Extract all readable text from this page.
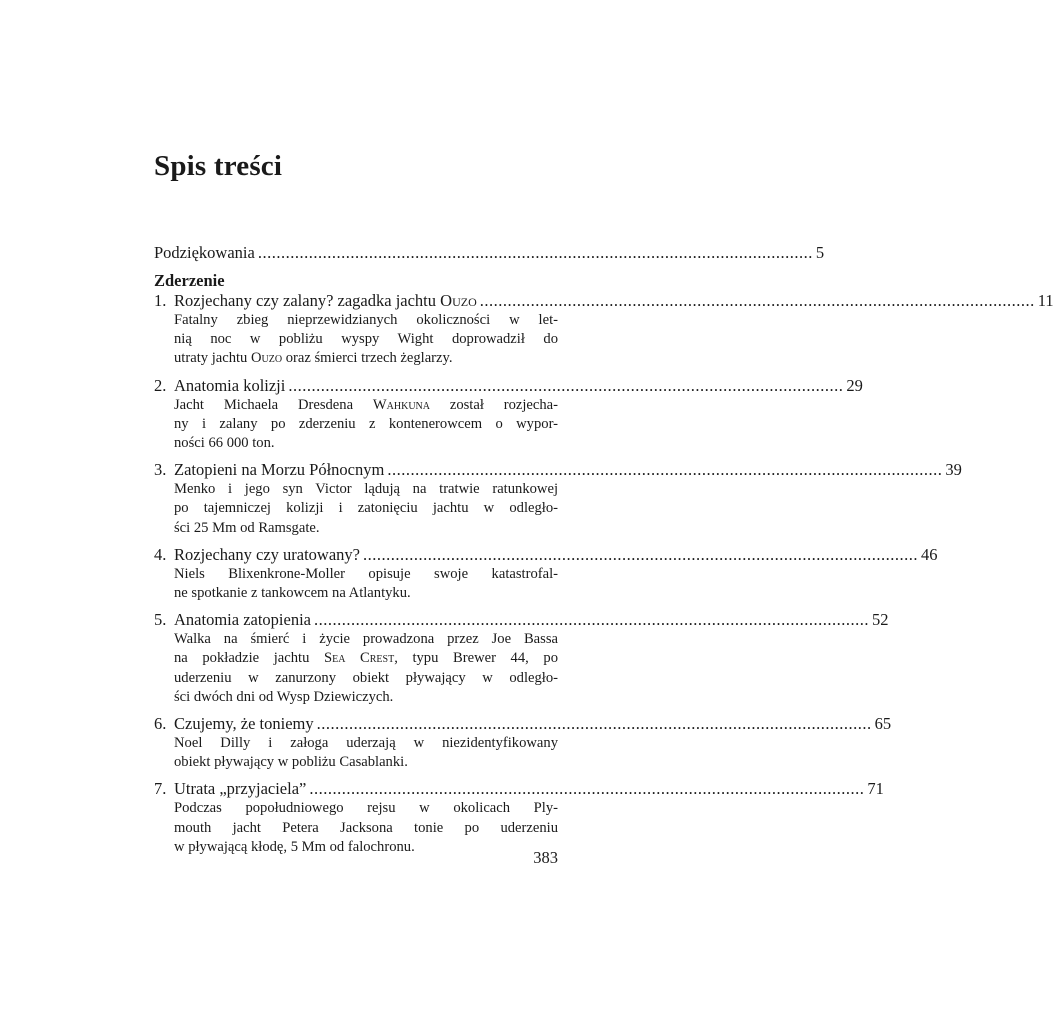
Spis treści
Podziękowania ........................................................................................................................ 5
Zderzenie
1. Rozjechany czy zalany? zagadka jachtu Ouzo ........................................................................................................................ 11
Fatalny zbieg nieprzewidzianych okoliczności w let-
nią noc w pobliżu wyspy Wight doprowadził do
utraty jachtu Ouzo oraz śmierci trzech żeglarzy.
2. Anatomia kolizji ........................................................................................................................ 29
Jacht Michaela Dresdena Wahkuna został rozjecha-
ny i zalany po zderzeniu z kontenerowcem o wypor-
ności 66 000 ton.
3. Zatopieni na Morzu Północnym ........................................................................................................................ 39
Menko i jego syn Victor lądują na tratwie ratunkowej
po tajemniczej kolizji i zatonięciu jachtu w odległo-
ści 25 Mm od Ramsgate.
4. Rozjechany czy uratowany? ........................................................................................................................ 46
Niels Blixenkrone-Moller opisuje swoje katastrofal-
ne spotkanie z tankowcem na Atlantyku.
5. Anatomia zatopienia ........................................................................................................................ 52
Walka na śmierć i życie prowadzona przez Joe Bassa
na pokładzie jachtu Sea Crest, typu Brewer 44, po
uderzeniu w zanurzony obiekt pływający w odległo-
ści dwóch dni od Wysp Dziewiczych.
6. Czujemy, że toniemy ........................................................................................................................ 65
Noel Dilly i załoga uderzają w niezidentyfikowany
obiekt pływający w pobliżu Casablanki.
7. Utrata „przyjaciela” ........................................................................................................................ 71
Podczas popołudniowego rejsu w okolicach Ply-
mouth jacht Petera Jacksona tonie po uderzeniu
w pływającą kłodę, 5 Mm od falochronu.
383
